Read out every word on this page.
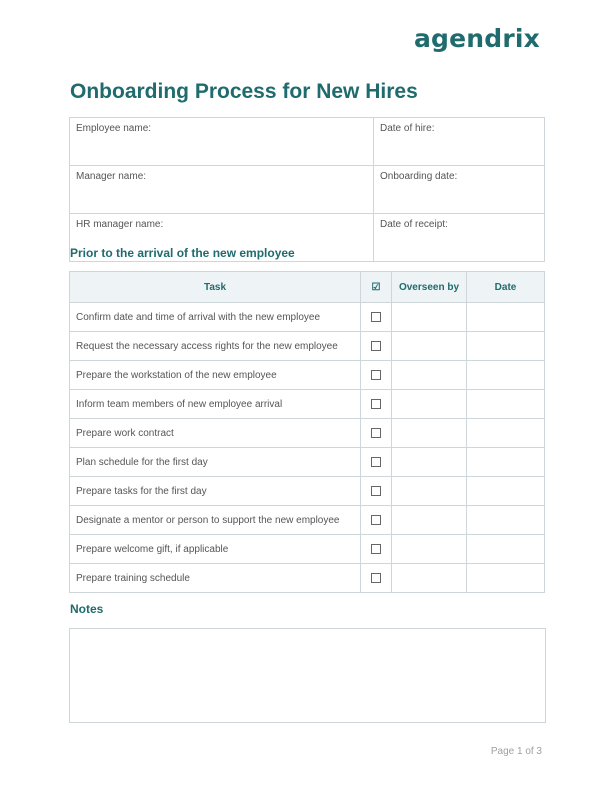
agendrix
Onboarding Process for New Hires
Employee name:	Date of hire:
Manager name:	Onboarding date:
HR manager name:	Date of receipt:
Prior to the arrival of the new employee
Task	☑	Overseen by	Date
Confirm date and time of arrival with the new employee			
Request the necessary access rights for the new employee			
Prepare the workstation of the new employee			
Inform team members of new employee arrival			
Prepare work contract			
Plan schedule for the first day			
Prepare tasks for the first day			
Designate a mentor or person to support the new employee			
Prepare welcome gift, if applicable			
Prepare training schedule			
Notes
Page 1 of 3
